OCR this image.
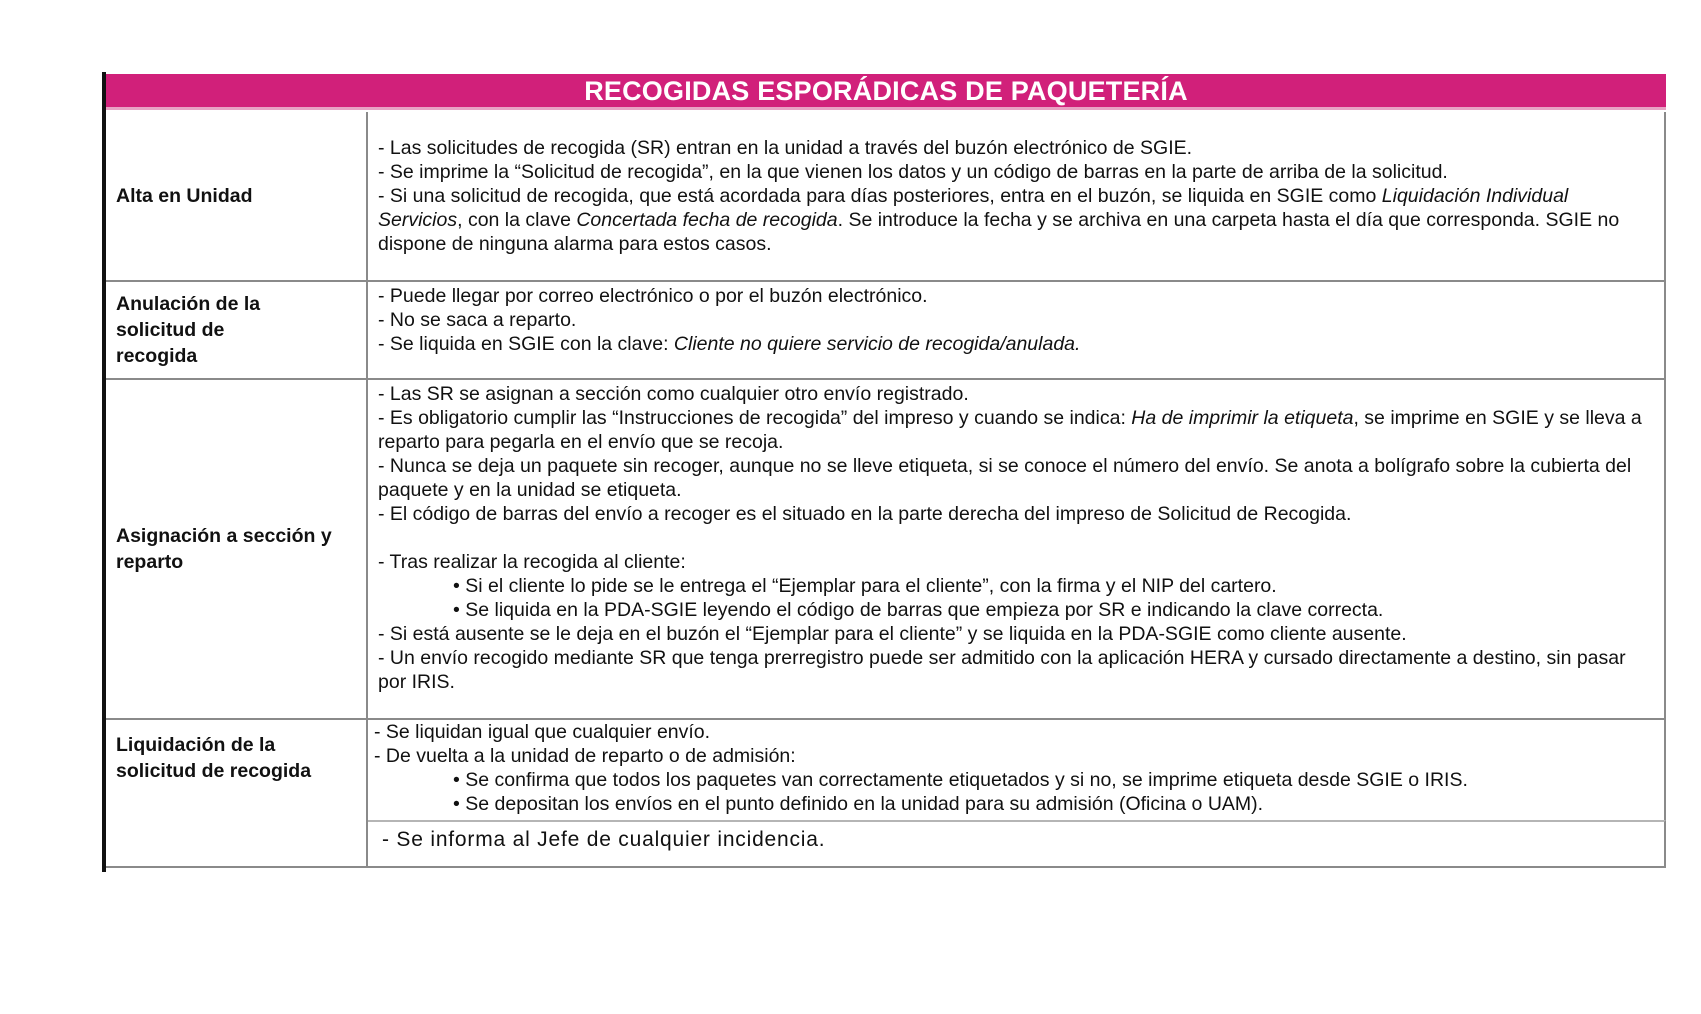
RECOGIDAS ESPORÁDICAS DE PAQUETERÍA
Alta en Unidad

- Las solicitudes de recogida (SR) entran en la unidad a través del buzón electrónico de SGIE.

- Se imprime la “Solicitud de recogida”, en la que vienen los datos y un código de barras en la parte de arriba de la solicitud.

- Si una solicitud de recogida, que está acordada para días posteriores, entra en el buzón, se liquida en SGIE como Liquidación Individual Servicios, con la clave Concertada fecha de recogida. Se introduce la fecha y se archiva en una carpeta hasta el día que corresponda. SGIE no dispone de ninguna alarma para estos casos.

Anulación de la solicitud de recogida

- Puede llegar por correo electrónico o por el buzón electrónico.

- No se saca a reparto.

- Se liquida en SGIE con la clave: Cliente no quiere servicio de recogida/anulada.

Asignación a sección y reparto

- Las SR se asignan a sección como cualquier otro envío registrado.

- Es obligatorio cumplir las “Instrucciones de recogida” del impreso y cuando se indica: Ha de imprimir la etiqueta, se imprime en SGIE y se lleva a reparto para pegarla en el envío que se recoja.

- Nunca se deja un paquete sin recoger, aunque no se lleve etiqueta, si se conoce el número del envío. Se anota a bolígrafo sobre la cubierta del paquete y en la unidad se etiqueta.

- El código de barras del envío a recoger es el situado en la parte derecha del impreso de Solicitud de Recogida.

- Tras realizar la recogida al cliente:

• Si el cliente lo pide se le entrega el “Ejemplar para el cliente”, con la firma y el NIP del cartero.

• Se liquida en la PDA-SGIE leyendo el código de barras que empieza por SR e indicando la clave correcta.

- Si está ausente se le deja en el buzón el “Ejemplar para el cliente” y se liquida en la PDA-SGIE como cliente ausente.

- Un envío recogido mediante SR que tenga prerregistro puede ser admitido con la aplicación HERA y cursado directamente a destino, sin pasar por IRIS.

Liquidación de la solicitud de recogida

- Se liquidan igual que cualquier envío.

- De vuelta a la unidad de reparto o de admisión:

• Se confirma que todos los paquetes van correctamente etiquetados y si no, se imprime etiqueta desde SGIE o IRIS.

• Se depositan los envíos en el punto definido en la unidad para su admisión (Oficina o UAM).

- Se informa al Jefe de cualquier incidencia.
